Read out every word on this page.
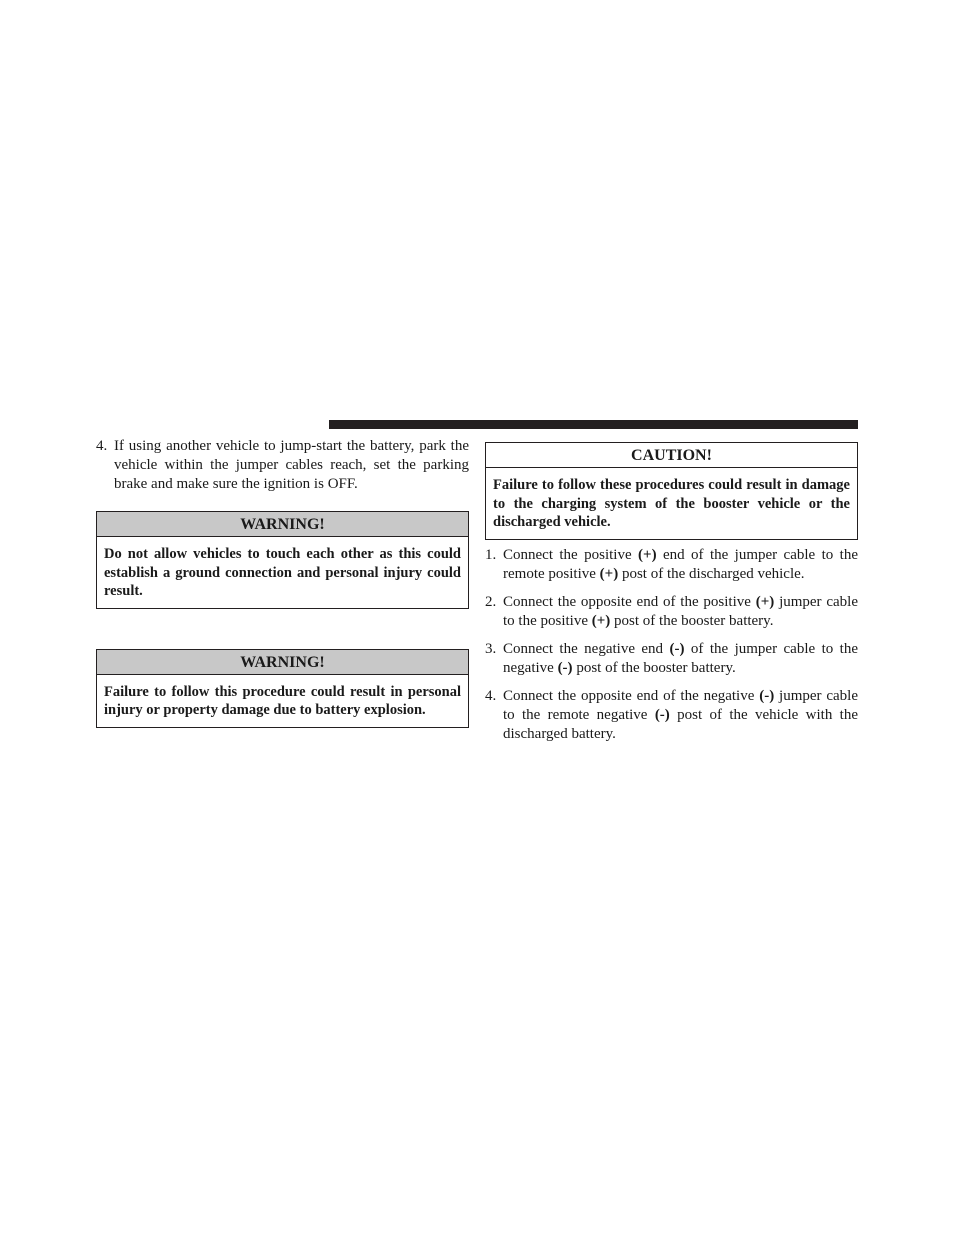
4. If using another vehicle to jump-start the battery, park the vehicle within the jumper cables reach, set the parking brake and make sure the ignition is OFF.
WARNING!
Do not allow vehicles to touch each other as this could establish a ground connection and personal injury could result.
WARNING!
Failure to follow this procedure could result in personal injury or property damage due to battery explosion.
CAUTION!
Failure to follow these procedures could result in damage to the charging system of the booster vehicle or the discharged vehicle.
1. Connect the positive (+) end of the jumper cable to the remote positive (+) post of the discharged vehicle.
2. Connect the opposite end of the positive (+) jumper cable to the positive (+) post of the booster battery.
3. Connect the negative end (-) of the jumper cable to the negative (-) post of the booster battery.
4. Connect the opposite end of the negative (-) jumper cable to the remote negative (-) post of the vehicle with the discharged battery.
